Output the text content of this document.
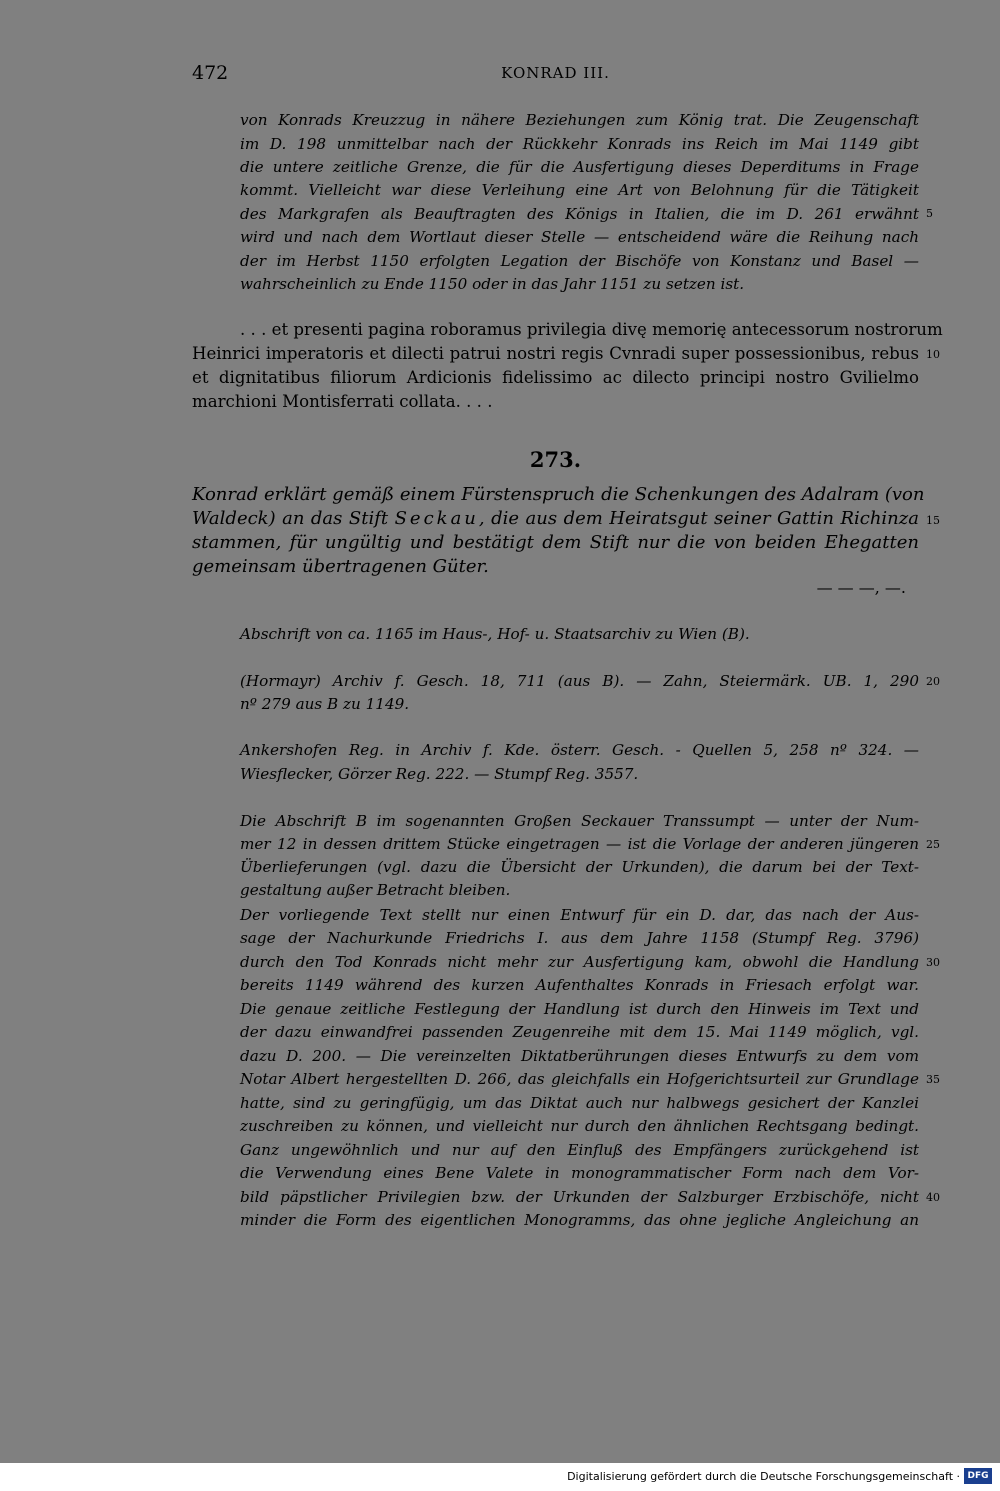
472	KONRAD III.
von Konrads Kreuzzug in nähere Beziehungen zum König trat. Die Zeugenschaft
im D. 198 unmittelbar nach der Rückkehr Konrads ins Reich im Mai 1149 gibt
die untere zeitliche Grenze, die für die Ausfertigung dieses Deperditums in Frage
kommt. Vielleicht war diese Verleihung eine Art von Belohnung für die Tätigkeit
des Markgrafen als Beauftragten des Königs in Italien, die im D. 261 erwähnt
wird und nach dem Wortlaut dieser Stelle — entscheidend wäre die Reihung nach
der im Herbst 1150 erfolgten Legation der Bischöfe von Konstanz und Basel —
wahrscheinlich zu Ende 1150 oder in das Jahr 1151 zu setzen ist.
. . . et presenti pagina roboramus privilegia divę memorię antecessorum nostrorum
Heinrici imperatoris et dilecti patrui nostri regis Cvnradi super possessionibus, rebus
et dignitatibus filiorum Ardicionis fidelissimo ac dilecto principi nostro Gvilielmo
marchioni Montisferrati collata. . . .
273.
Konrad erklärt gemäß einem Fürstenspruch die Schenkungen des Adalram (von
Waldeck) an das Stift Seckau, die aus dem Heiratsgut seiner Gattin Richinza
stammen, für ungültig und bestätigt dem Stift nur die von beiden Ehegatten
gemeinsam übertragenen Güter.
— — —, —.
Abschrift von ca. 1165 im Haus-, Hof- u. Staatsarchiv zu Wien (B).
(Hormayr) Archiv f. Gesch. 18, 711 (aus B). — Zahn, Steiermärk. UB. 1, 290
nº 279 aus B zu 1149.
Ankershofen Reg. in Archiv f. Kde. österr. Gesch. - Quellen 5, 258 nº 324. —
Wiesflecker, Görzer Reg. 222. — Stumpf Reg. 3557.
Die Abschrift B im sogenannten Großen Seckauer Transsumpt — unter der Num-
mer 12 in dessen drittem Stücke eingetragen — ist die Vorlage der anderen jüngeren
Überlieferungen (vgl. dazu die Übersicht der Urkunden), die darum bei der Text-
gestaltung außer Betracht bleiben.
Der vorliegende Text stellt nur einen Entwurf für ein D. dar, das nach der Aus-
sage der Nachurkunde Friedrichs I. aus dem Jahre 1158 (Stumpf Reg. 3796)
durch den Tod Konrads nicht mehr zur Ausfertigung kam, obwohl die Handlung
bereits 1149 während des kurzen Aufenthaltes Konrads in Friesach erfolgt war.
Die genaue zeitliche Festlegung der Handlung ist durch den Hinweis im Text und
der dazu einwandfrei passenden Zeugenreihe mit dem 15. Mai 1149 möglich, vgl.
dazu D. 200. — Die vereinzelten Diktatberührungen dieses Entwurfs zu dem vom
Notar Albert hergestellten D. 266, das gleichfalls ein Hofgerichtsurteil zur Grundlage
hatte, sind zu geringfügig, um das Diktat auch nur halbwegs gesichert der Kanzlei
zuschreiben zu können, und vielleicht nur durch den ähnlichen Rechtsgang bedingt.
Ganz ungewöhnlich und nur auf den Einfluß des Empfängers zurückgehend ist
die Verwendung eines Bene Valete in monogrammatischer Form nach dem Vor-
bild päpstlicher Privilegien bzw. der Urkunden der Salzburger Erzbischöfe, nicht
minder die Form des eigentlichen Monogramms, das ohne jegliche Angleichung an
5
10
15
20
25
30
35
40
Digitalisierung gefördert durch die Deutsche Forschungsgemeinschaft · DFG
